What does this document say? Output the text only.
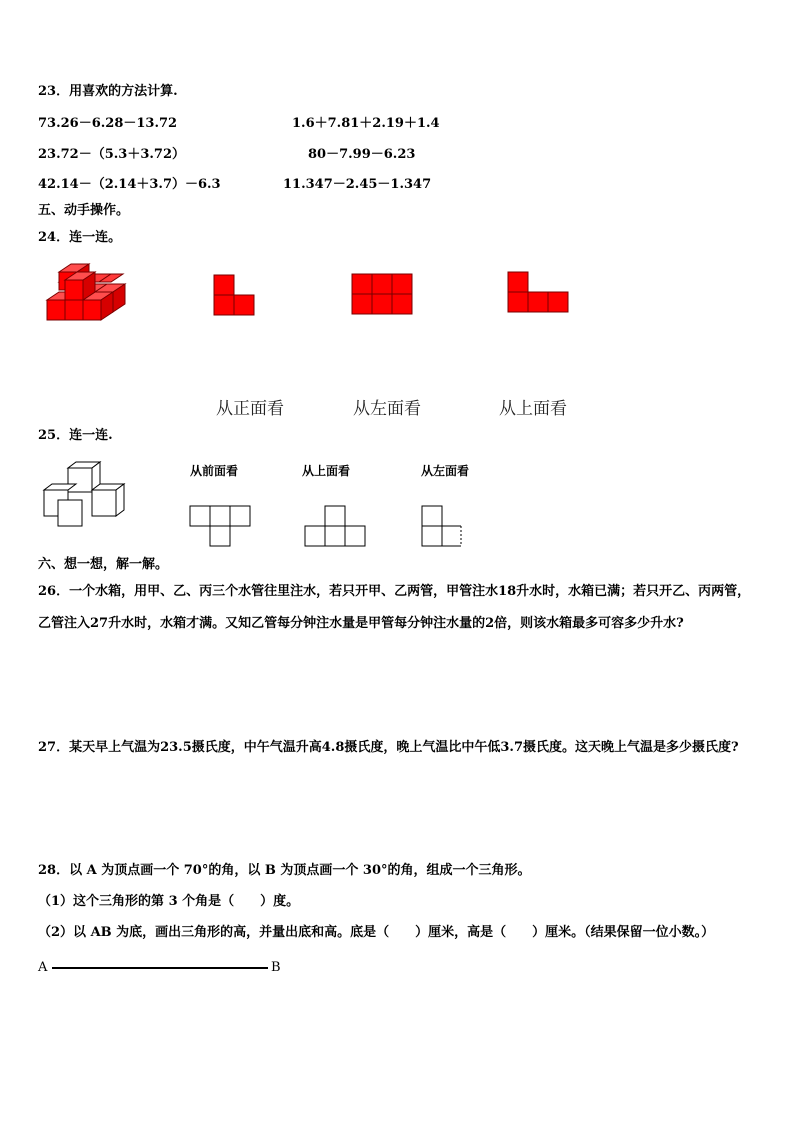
23．用喜欢的方法计算.
73.26－6.28－13.72	1.6＋7.81＋2.19＋1.4
23.72－（5.3＋3.72）	80－7.99－6.23
42.14－（2.14＋3.7）－6.3	11.347－2.45－1.347
五、动手操作。
24．连一连。
从正面看	从左面看	从上面看
25．连一连.
从前面看	从上面看	从左面看
六、想一想，解一解。
26．一个水箱，用甲、乙、丙三个水管往里注水，若只开甲、乙两管，甲管注水18升水时，水箱已满；若只开乙、丙两管，乙管注入27升水时，水箱才满。又知乙管每分钟注水量是甲管每分钟注水量的2倍，则该水箱最多可容多少升水?
27．某天早上气温为23.5摄氏度，中午气温升高4.8摄氏度，晚上气温比中午低3.7摄氏度。这天晚上气温是多少摄氏度?
28．以 A 为顶点画一个 70°的角，以 B 为顶点画一个 30°的角，组成一个三角形。
（1）这个三角形的第 3 个角是（　　）度。
（2）以 AB 为底，画出三角形的高，并量出底和高。底是（　　）厘米，高是（　　）厘米。（结果保留一位小数。）
A	B
